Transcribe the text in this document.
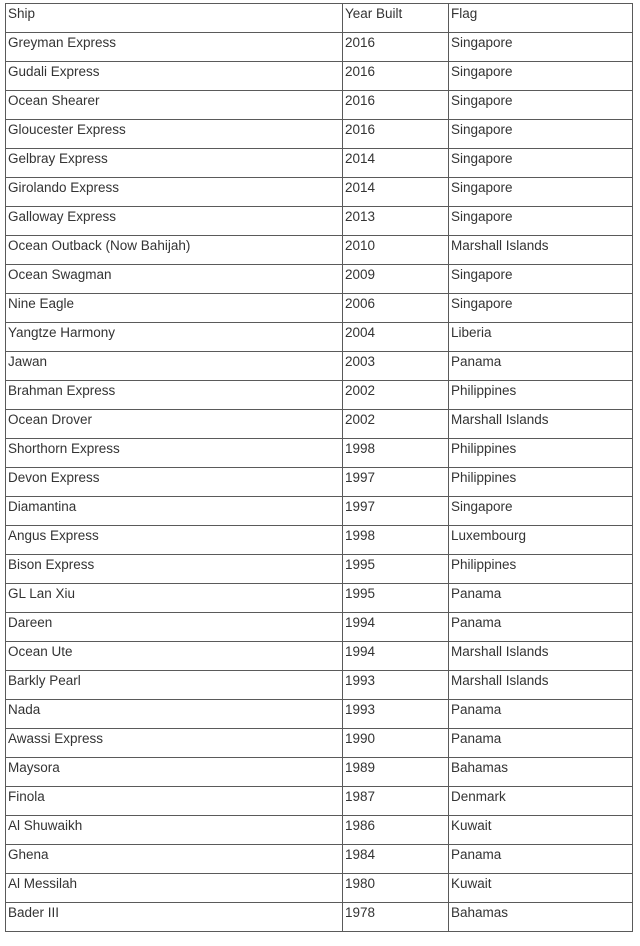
Ship	Year Built	Flag
Greyman Express	2016	Singapore
Gudali Express	2016	Singapore
Ocean Shearer	2016	Singapore
Gloucester Express	2016	Singapore
Gelbray Express	2014	Singapore
Girolando Express	2014	Singapore
Galloway Express	2013	Singapore
Ocean Outback (Now Bahijah)	2010	Marshall Islands
Ocean Swagman	2009	Singapore
Nine Eagle	2006	Singapore
Yangtze Harmony	2004	Liberia
Jawan	2003	Panama
Brahman Express	2002	Philippines
Ocean Drover	2002	Marshall Islands
Shorthorn Express	1998	Philippines
Devon Express	1997	Philippines
Diamantina	1997	Singapore
Angus Express	1998	Luxembourg
Bison Express	1995	Philippines
GL Lan Xiu	1995	Panama
Dareen	1994	Panama
Ocean Ute	1994	Marshall Islands
Barkly Pearl	1993	Marshall Islands
Nada	1993	Panama
Awassi Express	1990	Panama
Maysora	1989	Bahamas
Finola	1987	Denmark
Al Shuwaikh	1986	Kuwait
Ghena	1984	Panama
Al Messilah	1980	Kuwait
Bader III	1978	Bahamas
